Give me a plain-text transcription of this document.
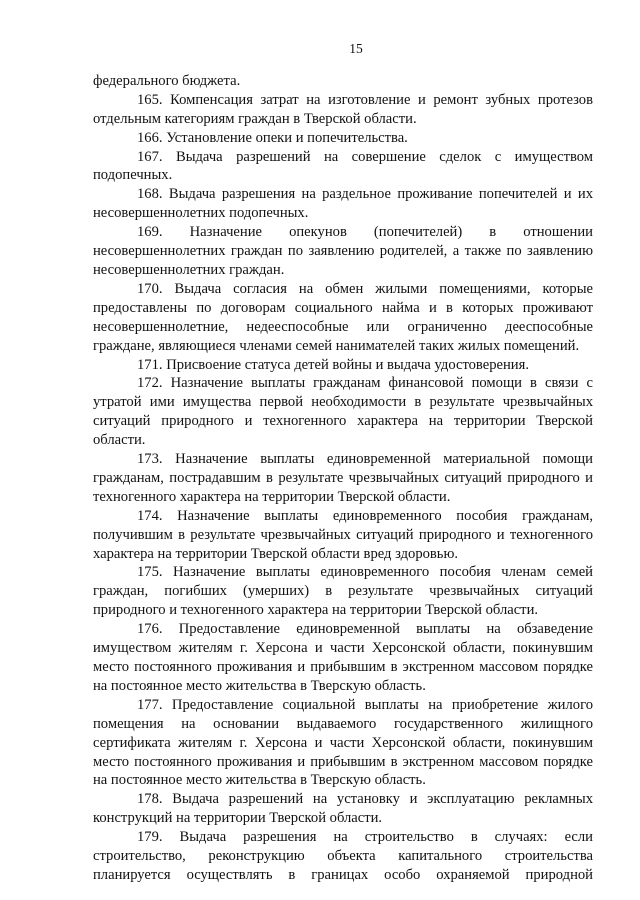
15

федерального бюджета.

165. Компенсация затрат на изготовление и ремонт зубных протезов отдельным категориям граждан в Тверской области.

166. Установление опеки и попечительства.

167. Выдача разрешений на совершение сделок с имуществом подопечных.

168. Выдача разрешения на раздельное проживание попечителей и их несовершеннолетних подопечных.

169. Назначение опекунов (попечителей) в отношении несовершеннолетних граждан по заявлению родителей, а также по заявлению несовершеннолетних граждан.

170. Выдача согласия на обмен жилыми помещениями, которые предоставлены по договорам социального найма и в которых проживают несовершеннолетние, недееспособные или ограниченно дееспособные граждане, являющиеся членами семей нанимателей таких жилых помещений.

171. Присвоение статуса детей войны и выдача удостоверения.

172. Назначение выплаты гражданам финансовой помощи в связи с утратой ими имущества первой необходимости в результате чрезвычайных ситуаций природного и техногенного характера на территории Тверской области.

173. Назначение выплаты единовременной материальной помощи гражданам, пострадавшим в результате чрезвычайных ситуаций природного и техногенного характера на территории Тверской области.

174. Назначение выплаты единовременного пособия гражданам, получившим в результате чрезвычайных ситуаций природного и техногенного характера на территории Тверской области вред здоровью.

175. Назначение выплаты единовременного пособия членам семей граждан, погибших (умерших) в результате чрезвычайных ситуаций природного и техногенного характера на территории Тверской области.

176. Предоставление единовременной выплаты на обзаведение имуществом жителям г. Херсона и части Херсонской области, покинувшим место постоянного проживания и прибывшим в экстренном массовом порядке на постоянное место жительства в Тверскую область.

177. Предоставление социальной выплаты на приобретение жилого помещения на основании выдаваемого государственного жилищного сертификата жителям г. Херсона и части Херсонской области, покинувшим место постоянного проживания и прибывшим в экстренном массовом порядке на постоянное место жительства в Тверскую область.

178. Выдача разрешений на установку и эксплуатацию рекламных конструкций на территории Тверской области.

179. Выдача разрешения на строительство в случаях: если строительство, реконструкцию объекта капитального строительства планируется осуществлять в границах особо охраняемой природной
